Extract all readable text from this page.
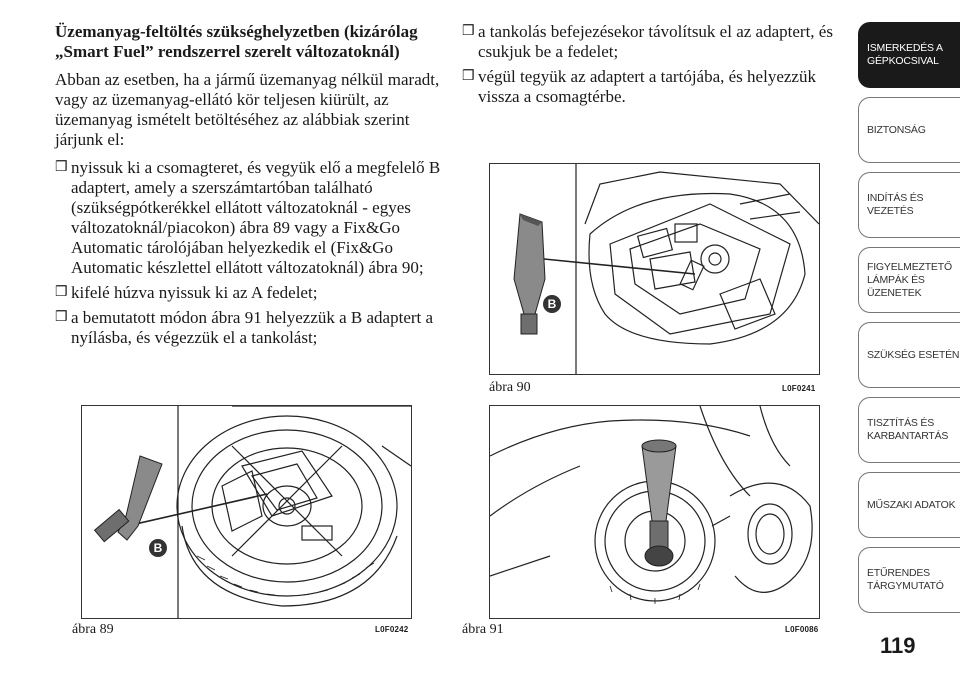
Üzemanyag-feltöltés szükséghelyzetben (kizárólag „Smart Fuel” rendszerrel szerelt változatoknál)

Abban az esetben, ha a jármű üzemanyag nélkül maradt, vagy az üzemanyag-ellátó kör teljesen kiürült, az üzemanyag ismételt betöltéséhez az alábbiak szerint járjunk el:

❒ nyissuk ki a csomagteret, és vegyük elő a megfelelő B adaptert, amely a szerszámtartóban található (szükségpótkerékkel ellátott változatoknál - egyes változatoknál/piacokon) ábra 89 vagy a Fix&Go Automatic tárolójában helyezkedik el (Fix&Go Automatic készlettel ellátott változatoknál) ábra 90;
❒ kifelé húzva nyissuk ki az A fedelet;
❒ a bemutatott módon ábra 91 helyezzük a B adaptert a nyílásba, és végezzük el a tankolást;
❒ a tankolás befejezésekor távolítsuk el az adaptert, és csukjuk be a fedelet;
❒ végül tegyük az adaptert a tartójába, és helyezzük vissza a csomagtérbe.
B
ábra 90	L0F0241
B
ábra 89	L0F0242	ábra 91	L0F0086
ISMERKEDÉS A
GÉPKOCSIVAL
BIZTONSÁG
INDÍTÁS ÉS
VEZETÉS
FIGYELMEZTETŐ
LÁMPÁK ÉS
ÜZENETEK
SZÜKSÉG ESETÉN
TISZTÍTÁS ÉS
KARBANTARTÁS
MŰSZAKI ADATOK
ETŰRENDES
TÁRGYMUTATÓ
119
